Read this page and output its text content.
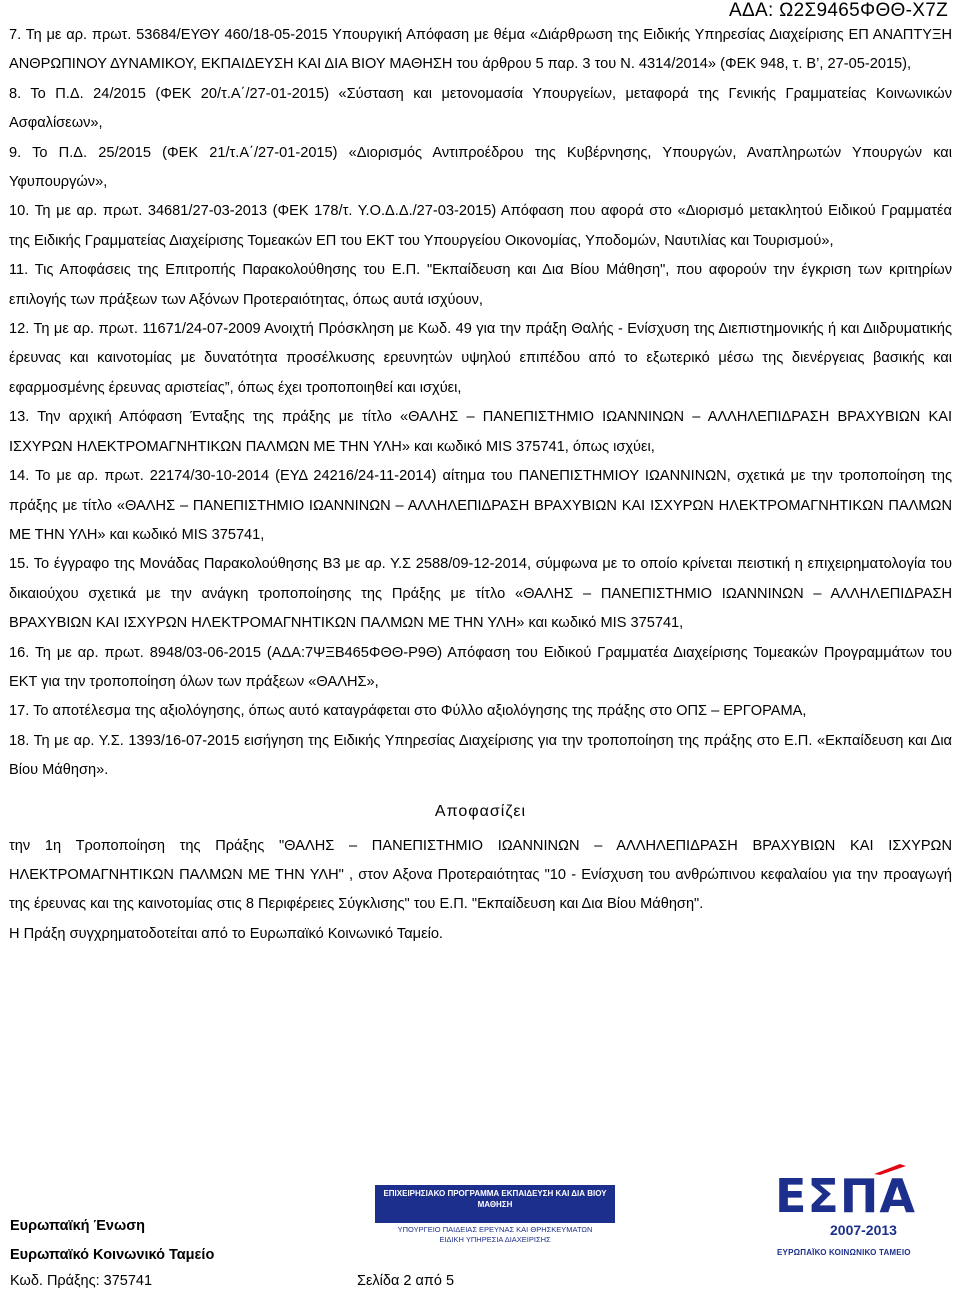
ΑΔΑ: Ω2Σ9465ΦΘΘ-Χ7Ζ

7. Τη με αρ. πρωτ. 53684/ΕΥΘΥ 460/18-05-2015 Υπουργική Απόφαση με θέμα «Διάρθρωση της Ειδικής Υπηρεσίας Διαχείρισης ΕΠ ΑΝΑΠΤΥΞΗ ΑΝΘΡΩΠΙΝΟΥ ΔΥΝΑΜΙΚΟΥ, ΕΚΠΑΙΔΕΥΣΗ ΚΑΙ ΔΙΑ ΒΙΟΥ ΜΑΘΗΣΗ του άρθρου 5 παρ. 3 του Ν. 4314/2014» (ΦΕΚ 948, τ. Β’, 27-05-2015),

8. Το Π.Δ. 24/2015 (ΦΕΚ 20/τ.Α΄/27-01-2015) «Σύσταση και μετονομασία Υπουργείων, μεταφορά της Γενικής Γραμματείας Κοινωνικών Ασφαλίσεων»,

9. Το Π.Δ. 25/2015 (ΦΕΚ 21/τ.Α΄/27-01-2015) «Διορισμός Αντιπροέδρου της Κυβέρνησης, Υπουργών, Αναπληρωτών Υπουργών και Υφυπουργών»,

10. Τη με αρ. πρωτ. 34681/27-03-2013 (ΦΕΚ 178/τ. Υ.Ο.Δ.Δ./27-03-2015) Απόφαση που αφορά στο «Διορισμό μετακλητού Ειδικού Γραμματέα της Ειδικής Γραμματείας Διαχείρισης Τομεακών ΕΠ του ΕΚΤ του Υπουργείου Οικονομίας, Υποδομών, Ναυτιλίας και Τουρισμού»,

11. Τις Αποφάσεις της Επιτροπής Παρακολούθησης του Ε.Π. "Εκπαίδευση και Δια Βίου Μάθηση", που αφορούν την έγκριση των κριτηρίων επιλογής των πράξεων των Αξόνων Προτεραιότητας, όπως αυτά ισχύουν,

12. Τη με αρ. πρωτ. 11671/24-07-2009 Ανοιχτή Πρόσκληση με Κωδ. 49 για την πράξη Θαλής - Ενίσχυση της Διεπιστημονικής ή και Διιδρυματικής έρευνας και καινοτομίας με δυνατότητα προσέλκυσης ερευνητών υψηλού επιπέδου από το εξωτερικό μέσω της διενέργειας βασικής και εφαρμοσμένης έρευνας αριστείας”, όπως έχει τροποποιηθεί και ισχύει,

13. Την αρχική Απόφαση Ένταξης της πράξης με τίτλο «ΘΑΛΗΣ – ΠΑΝΕΠΙΣΤΗΜΙΟ ΙΩΑΝΝΙΝΩΝ – ΑΛΛΗΛΕΠΙΔΡΑΣΗ ΒΡΑΧΥΒΙΩΝ ΚΑΙ ΙΣΧΥΡΩΝ ΗΛΕΚΤΡΟΜΑΓΝΗΤΙΚΩΝ ΠΑΛΜΩΝ ΜΕ ΤΗΝ ΥΛΗ» και κωδικό MIS 375741, όπως ισχύει,

14. Το με αρ. πρωτ. 22174/30-10-2014 (ΕΥΔ 24216/24-11-2014) αίτημα του ΠΑΝΕΠΙΣΤΗΜΙΟΥ ΙΩΑΝΝΙΝΩΝ, σχετικά με την τροποποίηση της πράξης με τίτλο «ΘΑΛΗΣ – ΠΑΝΕΠΙΣΤΗΜΙΟ ΙΩΑΝΝΙΝΩΝ – ΑΛΛΗΛΕΠΙΔΡΑΣΗ ΒΡΑΧΥΒΙΩΝ ΚΑΙ ΙΣΧΥΡΩΝ ΗΛΕΚΤΡΟΜΑΓΝΗΤΙΚΩΝ ΠΑΛΜΩΝ ΜΕ ΤΗΝ ΥΛΗ» και κωδικό MIS 375741,

15. Το έγγραφο της Μονάδας Παρακολούθησης Β3 με αρ. Υ.Σ 2588/09-12-2014, σύμφωνα με το οποίο κρίνεται πειστική η επιχειρηματολογία του δικαιούχου σχετικά με την ανάγκη τροποποίησης της Πράξης με τίτλο «ΘΑΛΗΣ – ΠΑΝΕΠΙΣΤΗΜΙΟ ΙΩΑΝΝΙΝΩΝ – ΑΛΛΗΛΕΠΙΔΡΑΣΗ ΒΡΑΧΥΒΙΩΝ ΚΑΙ ΙΣΧΥΡΩΝ ΗΛΕΚΤΡΟΜΑΓΝΗΤΙΚΩΝ ΠΑΛΜΩΝ ΜΕ ΤΗΝ ΥΛΗ» και κωδικό MIS 375741,

16. Τη με αρ. πρωτ. 8948/03-06-2015 (ΑΔΑ:7ΨΞΒ465ΦΘΘ-Ρ9Θ) Απόφαση του Ειδικού Γραμματέα Διαχείρισης Τομεακών Προγραμμάτων του ΕΚΤ για την τροποποίηση όλων των πράξεων «ΘΑΛΗΣ»,

17. Το αποτέλεσμα της αξιολόγησης, όπως αυτό καταγράφεται στο Φύλλο αξιολόγησης της πράξης στο ΟΠΣ – ΕΡΓΟΡΑΜΑ,

18. Τη με αρ. Υ.Σ. 1393/16-07-2015 εισήγηση της Ειδικής Υπηρεσίας Διαχείρισης για την τροποποίηση της πράξης στο Ε.Π. «Εκπαίδευση και Δια Βίου Μάθηση».

Αποφασίζει

την 1η Τροποποίηση της Πράξης "ΘΑΛΗΣ – ΠΑΝΕΠΙΣΤΗΜΙΟ ΙΩΑΝΝΙΝΩΝ – ΑΛΛΗΛΕΠΙΔΡΑΣΗ ΒΡΑΧΥΒΙΩΝ ΚΑΙ ΙΣΧΥΡΩΝ ΗΛΕΚΤΡΟΜΑΓΝΗΤΙΚΩΝ ΠΑΛΜΩΝ ΜΕ ΤΗΝ ΥΛΗ" , στον Αξονα Προτεραιότητας "10 - Ενίσχυση του ανθρώπινου κεφαλαίου για την προαγωγή της έρευνας και της καινοτομίας στις 8 Περιφέρειες Σύγκλισης" του Ε.Π. "Εκπαίδευση και Δια Βίου Μάθηση".

Η Πράξη συγχρηματοδοτείται από το Ευρωπαϊκό Κοινωνικό Ταμείο.

Ευρωπαϊκή Ένωση
Ευρωπαϊκό Κοινωνικό Ταμείο
Κωδ. Πράξης: 375741	Σελίδα 2 από 5
ΕΠΙΧΕΙΡΗΣΙΑΚΟ ΠΡΟΓΡΑΜΜΑ ΕΚΠΑΙΔΕΥΣΗ ΚΑΙ ΔΙΑ ΒΙΟΥ ΜΑΘΗΣΗ
ΥΠΟΥΡΓΕΙΟ ΠΑΙΔΕΙΑΣ ΕΡΕΥΝΑΣ ΚΑΙ ΘΡΗΣΚΕΥΜΑΤΩΝ
ΕΙΔΙΚΗ ΥΠΗΡΕΣΙΑ ΔΙΑΧΕΙΡΙΣΗΣ
ΕΣΠΑ
2007-2013
ΕΥΡΩΠΑΪΚΟ ΚΟΙΝΩΝΙΚΟ ΤΑΜΕΙΟ
